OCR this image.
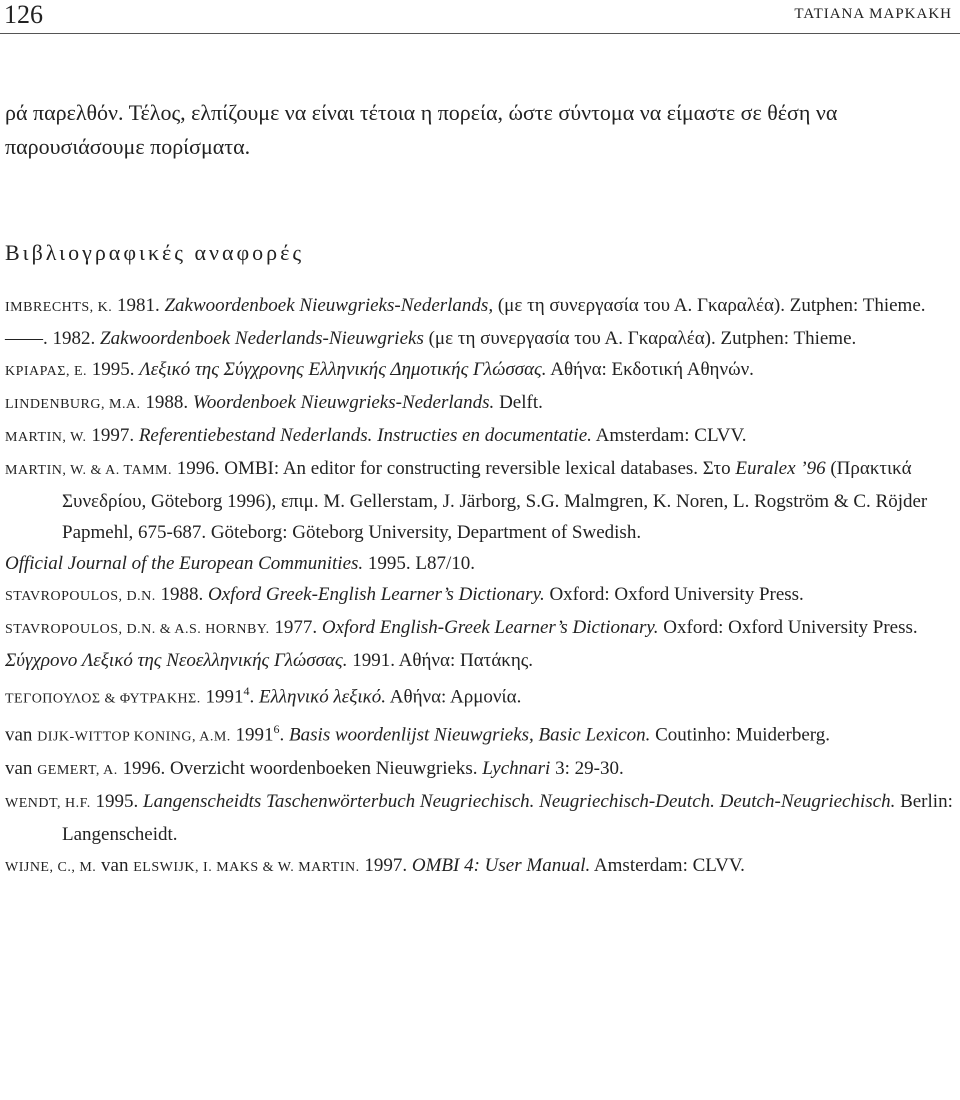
126	ΤΑΤΙΑΝΑ ΜΑΡΚΑΚΗ
ρά παρελθόν. Τέλος, ελπίζουμε να είναι τέτοια η πορεία, ώστε σύντομα να είμαστε σε θέση να παρουσιάσουμε πορίσματα.
Βιβλιογραφικές αναφορές
IMBRECHTS, K. 1981. Zakwoordenboek Nieuwgrieks-Nederlands, (με τη συνεργασία του Α. Γκαραλέα). Zutphen: Thieme.
——. 1982. Zakwoordenboek Nederlands-Nieuwgrieks (με τη συνεργασία του Α. Γκαραλέα). Zutphen: Thieme.
ΚΡΙΑΡΑΣ, Ε. 1995. Λεξικό της Σύγχρονης Ελληνικής Δημοτικής Γλώσσας. Αθήνα: Εκδοτική Αθηνών.
LINDENBURG, M.A. 1988. Woordenboek Nieuwgrieks-Nederlands. Delft.
MARTIN, W. 1997. Referentiebestand Nederlands. Instructies en documentatie. Amsterdam: CLVV.
MARTIN, W. & A. TAMM. 1996. OMBI: An editor for constructing reversible lexical databases. Στο Euralex ’96 (Πρακτικά Συνεδρίου, Göteborg 1996), επιμ. M. Gellerstam, J. Järborg, S.G. Malmgren, K. Noren, L. Rogström & C. Röjder Papmehl, 675-687. Göteborg: Göteborg University, Department of Swedish.
Official Journal of the European Communities. 1995. L87/10.
STAVROPOULOS, D.N. 1988. Oxford Greek-English Learner’s Dictionary. Oxford: Oxford University Press.
STAVROPOULOS, D.N. & A.S. HORNBY. 1977. Oxford English-Greek Learner’s Dictionary. Oxford: Oxford University Press.
Σύγχρονο Λεξικό της Νεοελληνικής Γλώσσας. 1991. Αθήνα: Πατάκης.
ΤΕΓΟΠΟΥΛΟΣ & ΦΥΤΡΑΚΗΣ. 1991$^4$. Ελληνικό λεξικό. Αθήνα: Αρμονία.
van DIJK-WITTOP KONING, A.M. 1991$^6$. Basis woordenlijst Nieuwgrieks, Basic Lexicon. Coutinho: Muiderberg.
van GEMERT, A. 1996. Overzicht woordenboeken Nieuwgrieks. Lychnari 3: 29-30.
WENDT, H.F. 1995. Langenscheidts Taschenwörterbuch Neugriechisch. Neugriechisch-Deutch. Deutch-Neugriechisch. Berlin: Langenscheidt.
WIJNE, C., M. van ELSWIJK, I. MAKS & W. MARTIN. 1997. OMBI 4: User Manual. Amsterdam: CLVV.
